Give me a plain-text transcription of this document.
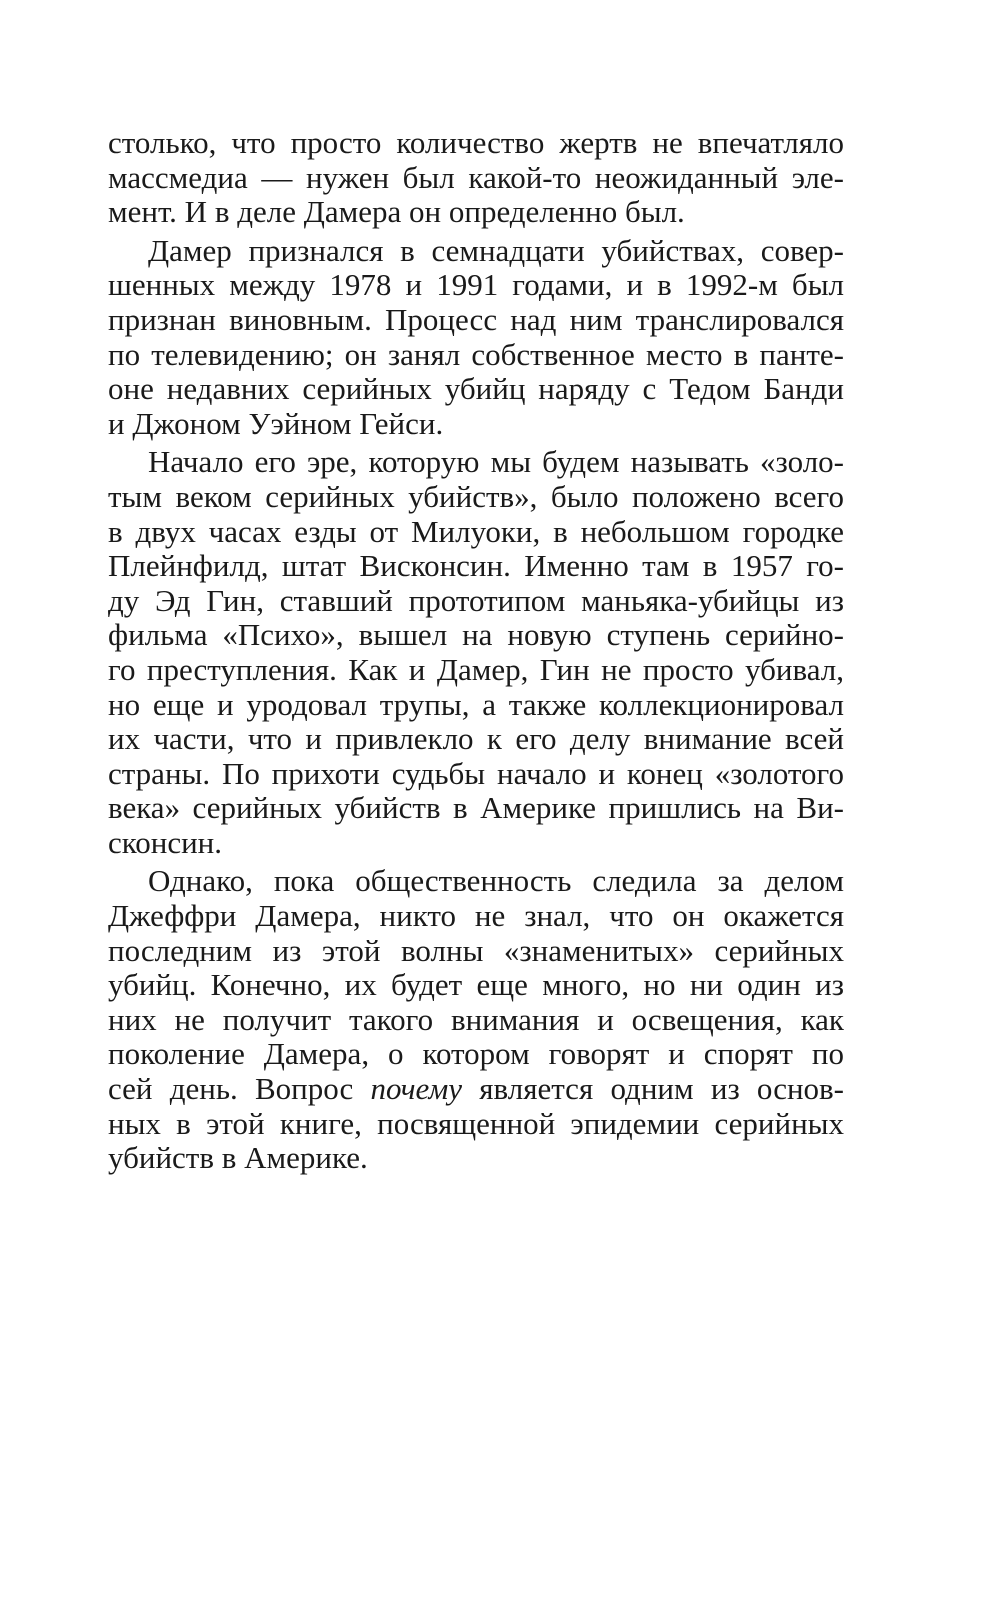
столько, что просто количество жертв не впечатляло
массмедиа — нужен был какой-то неожиданный эле-
мент. И в деле Дамера он определенно был.
Дамер признался в семнадцати убийствах, совер-
шенных между 1978 и 1991 годами, и в 1992-м был
признан виновным. Процесс над ним транслировался
по телевидению; он занял собственное место в панте-
оне недавних серийных убийц наряду с Тедом Банди
и Джоном Уэйном Гейси.
Начало его эре, которую мы будем называть «золо-
тым веком серийных убийств», было положено всего
в двух часах езды от Милуоки, в небольшом городке
Плейнфилд, штат Висконсин. Именно там в 1957 го-
ду Эд Гин, ставший прототипом маньяка-убийцы из
фильма «Психо», вышел на новую ступень серийно-
го преступления. Как и Дамер, Гин не просто убивал,
но еще и уродовал трупы, а также коллекционировал
их части, что и привлекло к его делу внимание всей
страны. По прихоти судьбы начало и конец «золотого
века» серийных убийств в Америке пришлись на Ви-
сконсин.
Однако, пока общественность следила за делом
Джеффри Дамера, никто не знал, что он окажется
последним из этой волны «знаменитых» серийных
убийц. Конечно, их будет еще много, но ни один из
них не получит такого внимания и освещения, как
поколение Дамера, о котором говорят и спорят по
сей день. Вопрос почему является одним из основ-
ных в этой книге, посвященной эпидемии серийных
убийств в Америке.
